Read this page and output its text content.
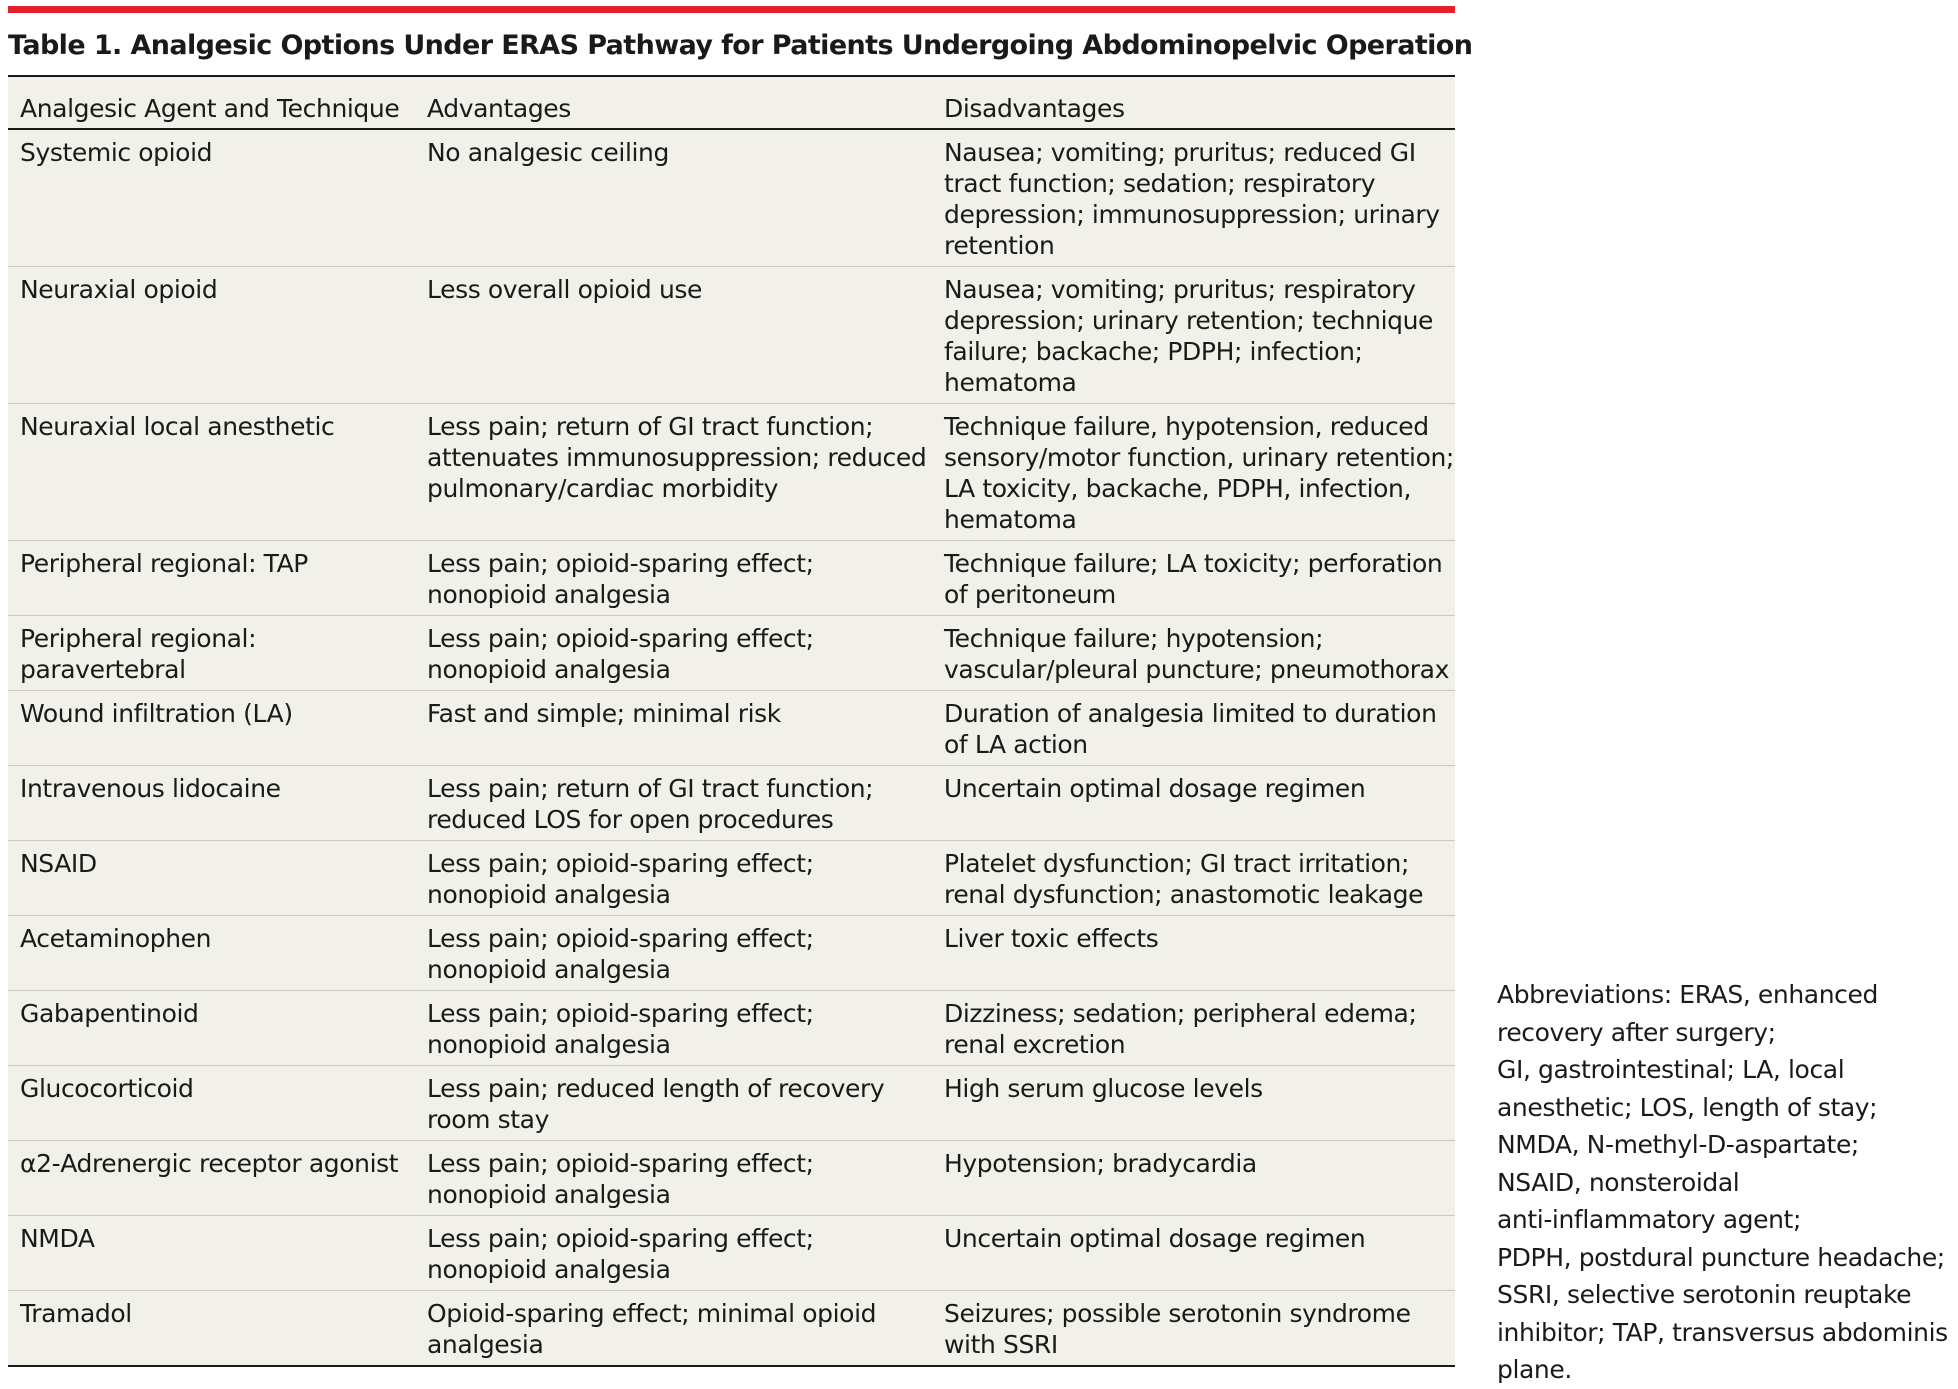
Table 1. Analgesic Options Under ERAS Pathway for Patients Undergoing Abdominopelvic Operation
Analgesic Agent and Technique	Advantages	Disadvantages
Systemic opioid	No analgesic ceiling	Nausea; vomiting; pruritus; reduced GI tract function; sedation; respiratory depression; immunosuppression; urinary retention
Neuraxial opioid	Less overall opioid use	Nausea; vomiting; pruritus; respiratory depression; urinary retention; technique failure; backache; PDPH; infection; hematoma
Neuraxial local anesthetic	Less pain; return of GI tract function; attenuates immunosuppression; reduced pulmonary/cardiac morbidity	Technique failure, hypotension, reduced sensory/motor function, urinary retention; LA toxicity, backache, PDPH, infection, hematoma
Peripheral regional: TAP	Less pain; opioid-sparing effect; nonopioid analgesia	Technique failure; LA toxicity; perforation of peritoneum
Peripheral regional: paravertebral	Less pain; opioid-sparing effect; nonopioid analgesia	Technique failure; hypotension; vascular/pleural puncture; pneumothorax
Wound infiltration (LA)	Fast and simple; minimal risk	Duration of analgesia limited to duration of LA action
Intravenous lidocaine	Less pain; return of GI tract function; reduced LOS for open procedures	Uncertain optimal dosage regimen
NSAID	Less pain; opioid-sparing effect; nonopioid analgesia	Platelet dysfunction; GI tract irritation; renal dysfunction; anastomotic leakage
Acetaminophen	Less pain; opioid-sparing effect; nonopioid analgesia	Liver toxic effects
Gabapentinoid	Less pain; opioid-sparing effect; nonopioid analgesia	Dizziness; sedation; peripheral edema; renal excretion
Glucocorticoid	Less pain; reduced length of recovery room stay	High serum glucose levels
α2-Adrenergic receptor agonist	Less pain; opioid-sparing effect; nonopioid analgesia	Hypotension; bradycardia
NMDA	Less pain; opioid-sparing effect; nonopioid analgesia	Uncertain optimal dosage regimen
Tramadol	Opioid-sparing effect; minimal opioid analgesia	Seizures; possible serotonin syndrome with SSRI
Abbreviations: ERAS, enhanced
recovery after surgery;
GI, gastrointestinal; LA, local
anesthetic; LOS, length of stay;
NMDA, N-methyl-D-aspartate;
NSAID, nonsteroidal
anti-inflammatory agent;
PDPH, postdural puncture headache;
SSRI, selective serotonin reuptake
inhibitor; TAP, transversus abdominis
plane.
